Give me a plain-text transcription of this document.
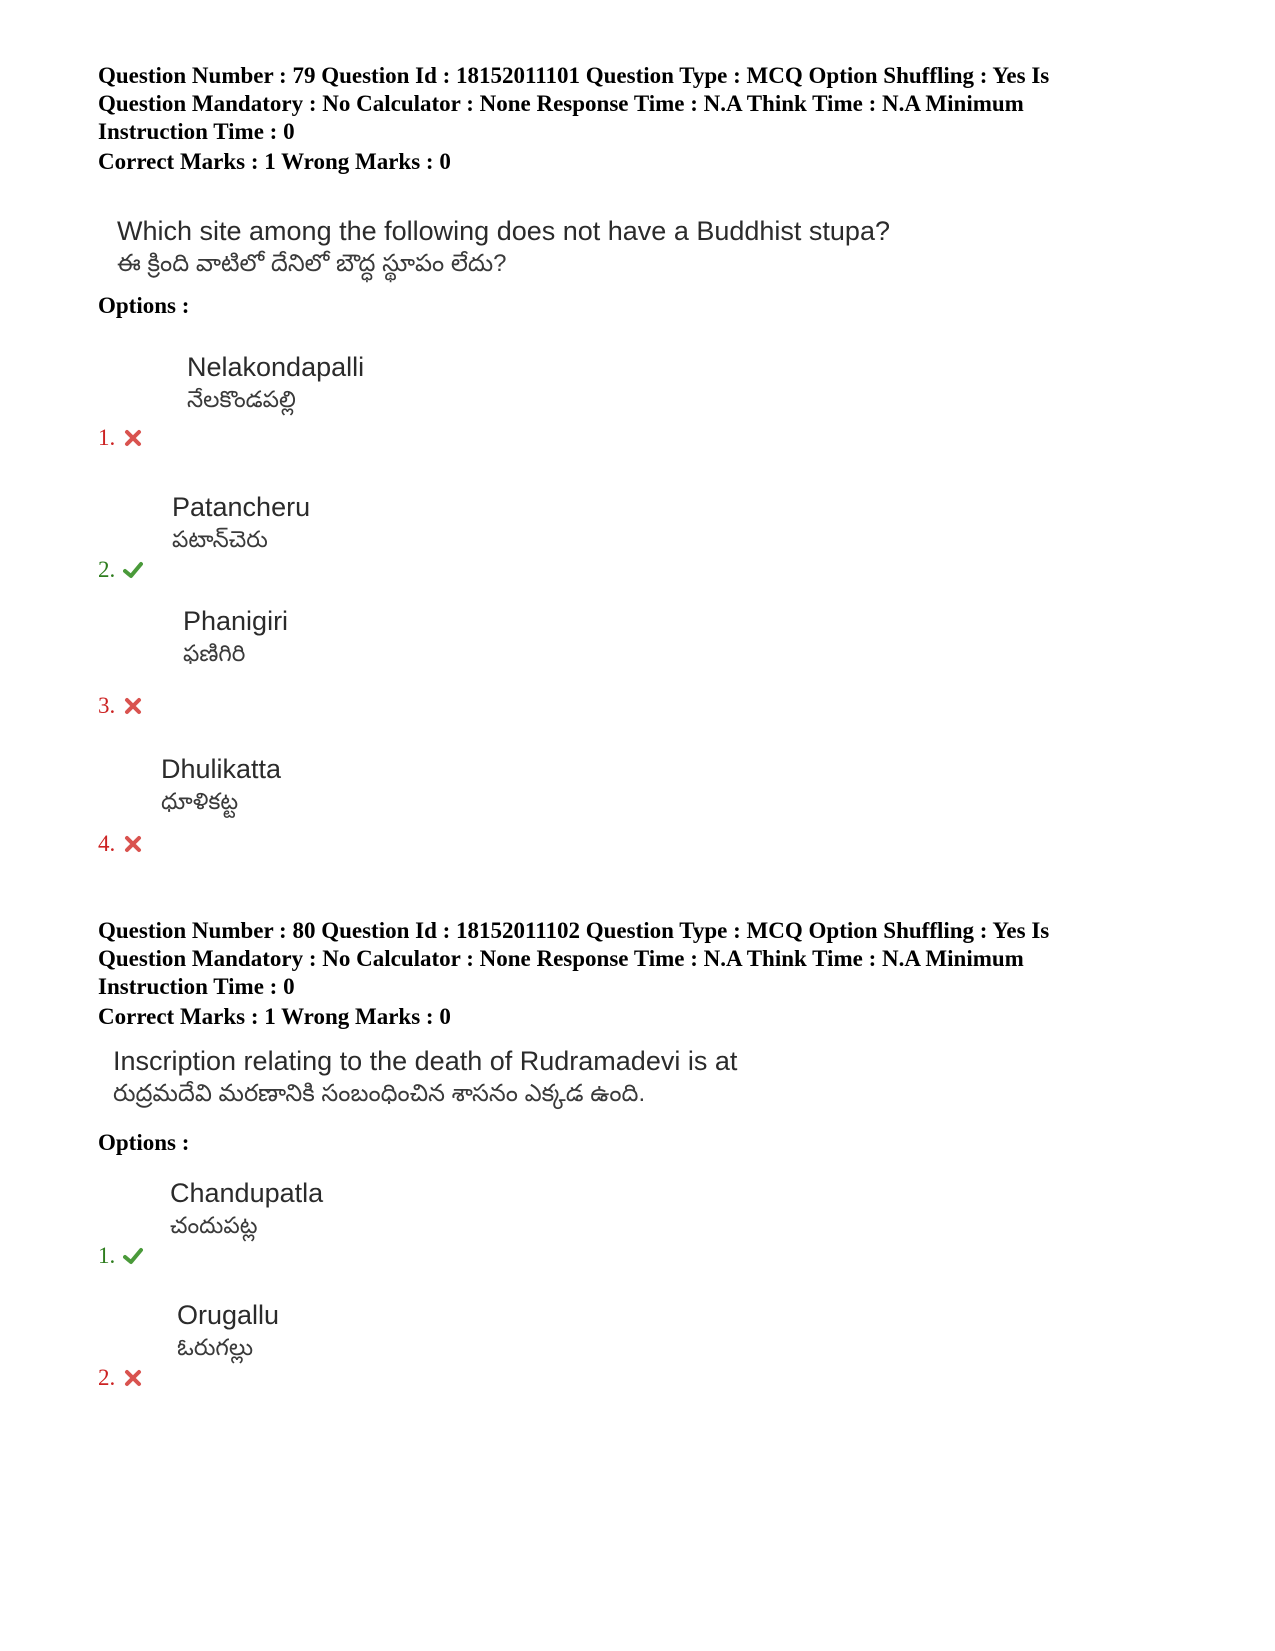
Question Number : 79 Question Id : 18152011101 Question Type : MCQ Option Shuffling : Yes Is
Question Mandatory : No Calculator : None Response Time : N.A Think Time : N.A Minimum
Instruction Time : 0
Correct Marks : 1 Wrong Marks : 0
Which site among the following does not have a Buddhist stupa?
ఈ క్రింది వాటిలో దేనిలో బౌద్ధ స్థూపం లేదు?
Options :
Nelakondapalli
నేలకొండపల్లి
1.
Patancheru
పటాన్‌చెరు
2.
Phanigiri
ఫణిగిరి
3.
Dhulikatta
ధూళికట్ట
4.
Question Number : 80 Question Id : 18152011102 Question Type : MCQ Option Shuffling : Yes Is
Question Mandatory : No Calculator : None Response Time : N.A Think Time : N.A Minimum
Instruction Time : 0
Correct Marks : 1 Wrong Marks : 0
Inscription relating to the death of Rudramadevi is at
రుద్రమదేవి మరణానికి సంబంధించిన శాసనం ఎక్కడ ఉంది.
Options :
Chandupatla
చందుపట్ల
1.
Orugallu
ఓరుగల్లు
2.
